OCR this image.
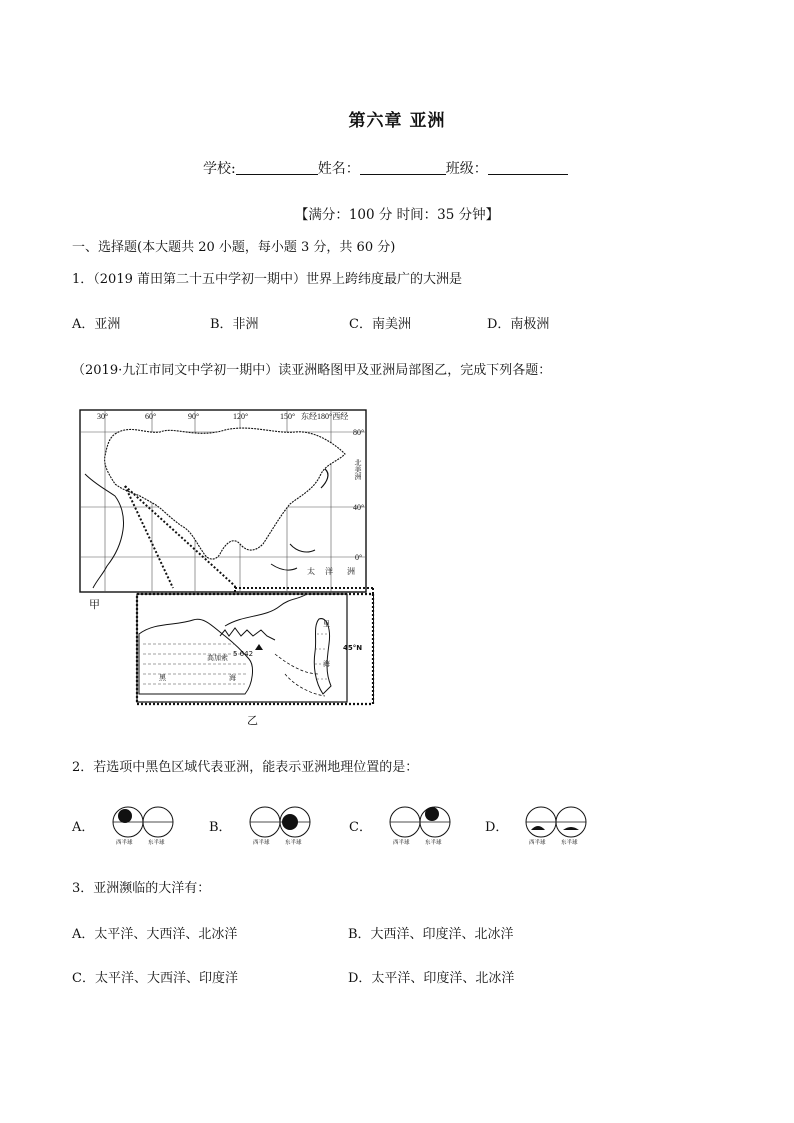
第六章 亚洲
学校:	姓名：	班级：
【满分：100 分 时间：35 分钟】
一、选择题(本大题共 20 小题，每小题 3 分，共 60 分)
1．（2019 莆田第二十五中学初一期中）世界上跨纬度最广的大洲是
A．亚洲	B．非洲	C．南美洲	D．南极洲
（2019·九江市同文中学初一期中）读亚洲略图甲及亚洲局部图乙，完成下列各题：
30°	60°	90°	120°	150° 东经180°西经
80°
40°
0°
太 洋 洲
北美洲
5 642
45°N
里
海
黑	海
高加索
甲
乙
2．若选项中黑色区域代表亚洲，能表示亚洲地理位置的是：
A．
西半球	东半球
B．
西半球	东半球
C．
西半球	东半球
D．
西半球	东半球
3．亚洲濒临的大洋有：
A．太平洋、大西洋、北冰洋	B．大西洋、印度洋、北冰洋
C．太平洋、大西洋、印度洋	D．太平洋、印度洋、北冰洋
